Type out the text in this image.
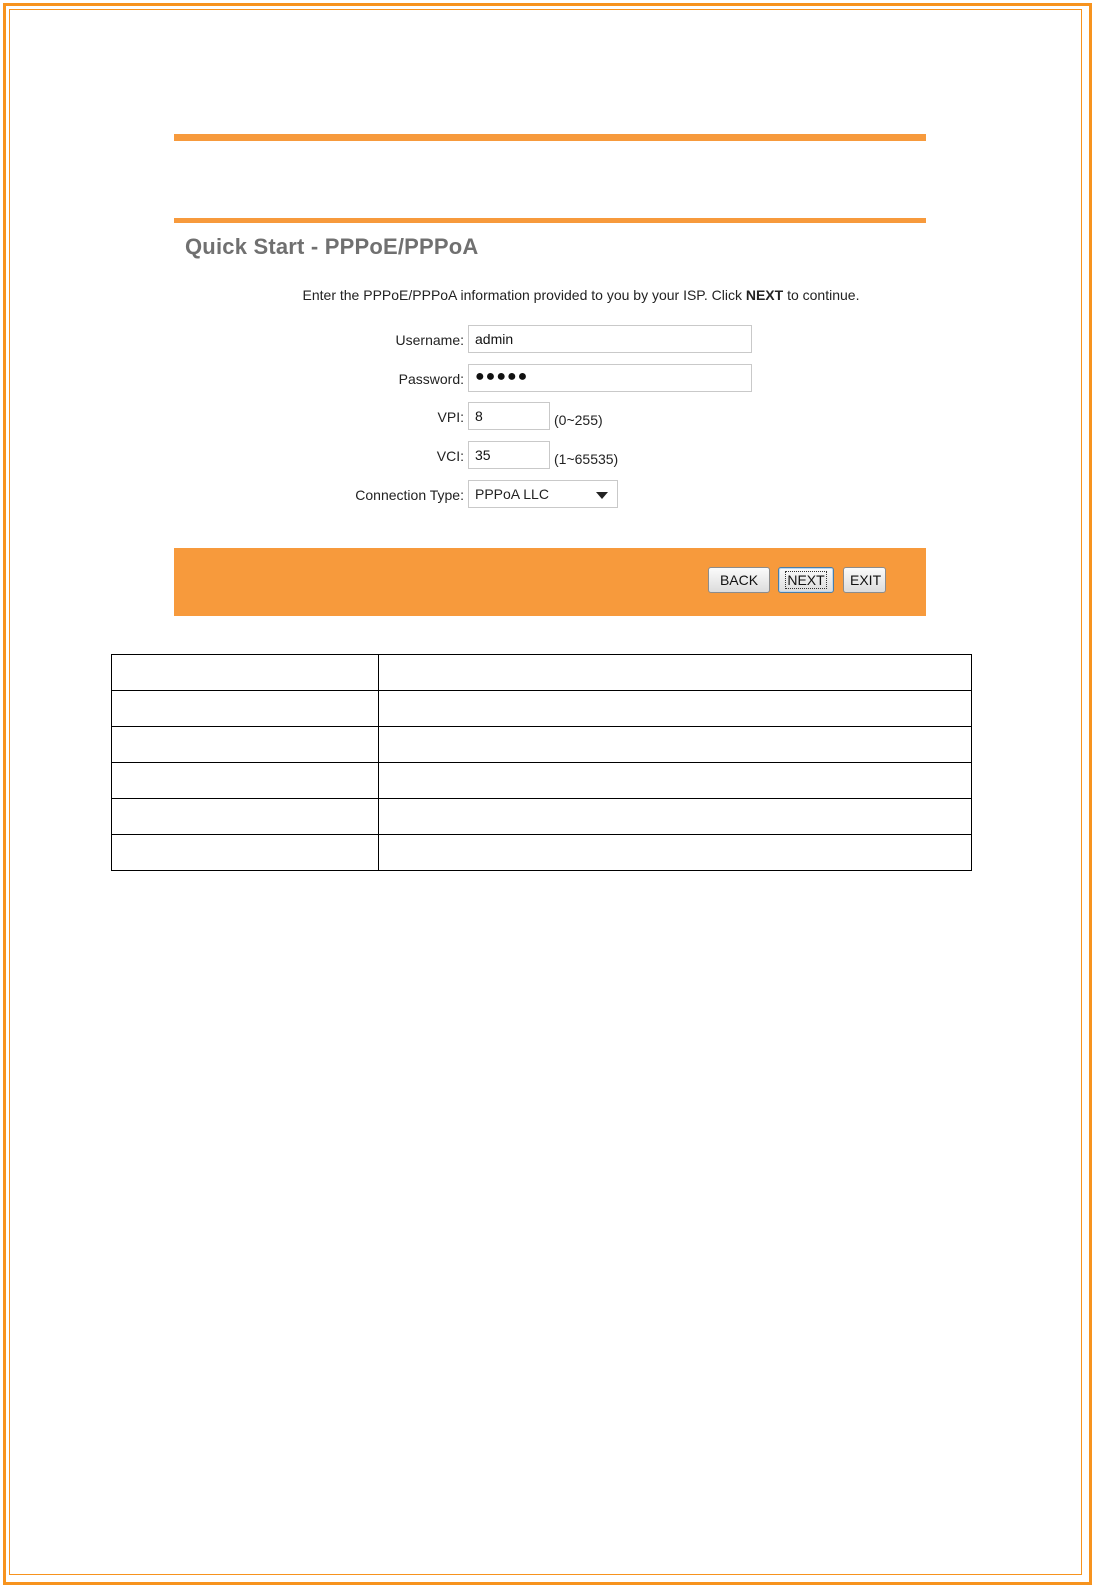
Quick Start - PPPoE/PPPoA
Enter the PPPoE/PPPoA information provided to you by your ISP. Click NEXT to continue.
Username: admin
Password: ●●●●●
VPI: 8	(0~255)
VCI: 35	(1~65535)
Connection Type: PPPoA LLC
BACK	NEXT	EXIT
